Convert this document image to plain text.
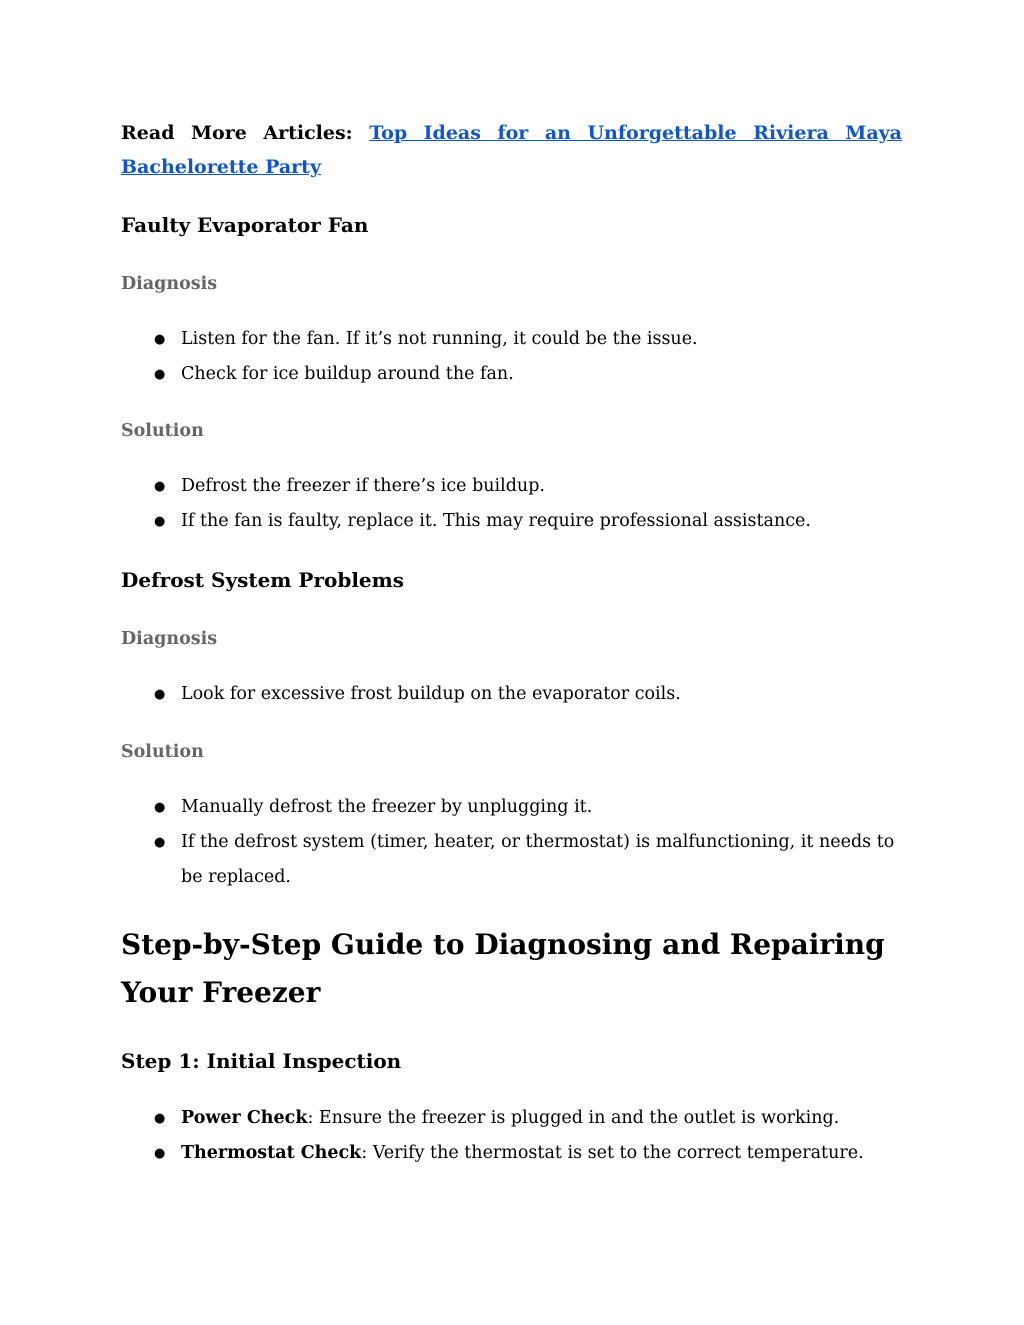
Read More Articles: Top Ideas for an Unforgettable Riviera Maya Bachelorette Party

Faulty Evaporator Fan
Diagnosis
● Listen for the fan. If it’s not running, it could be the issue.
● Check for ice buildup around the fan.
Solution
● Defrost the freezer if there’s ice buildup.
● If the fan is faulty, replace it. This may require professional assistance.
Defrost System Problems
Diagnosis
● Look for excessive frost buildup on the evaporator coils.
Solution
● Manually defrost the freezer by unplugging it.
● If the defrost system (timer, heater, or thermostat) is malfunctioning, it needs to be replaced.
Step-by-Step Guide to Diagnosing and Repairing Your Freezer
Step 1: Initial Inspection
● Power Check: Ensure the freezer is plugged in and the outlet is working.
● Thermostat Check: Verify the thermostat is set to the correct temperature.
